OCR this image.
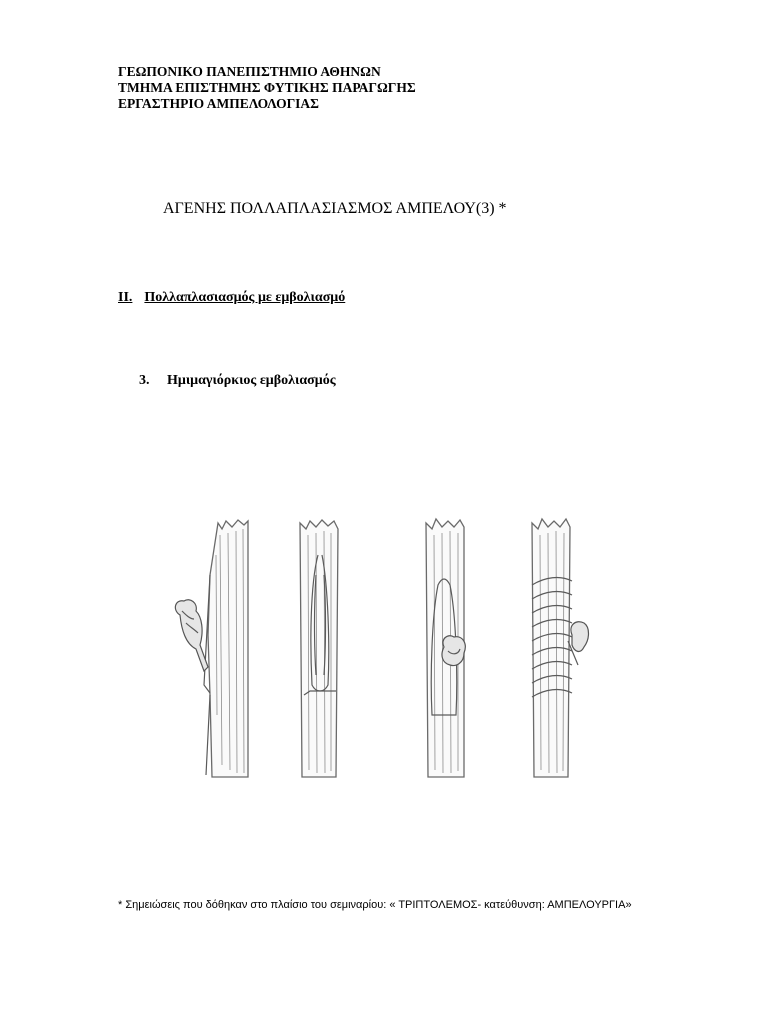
ΓΕΩΠΟΝΙΚΟ ΠΑΝΕΠΙΣΤΗΜΙΟ ΑΘΗΝΩΝ
ΤΜΗΜΑ ΕΠΙΣΤΗΜΗΣ ΦΥΤΙΚΗΣ ΠΑΡΑΓΩΓΗΣ
ΕΡΓΑΣΤΗΡΙΟ ΑΜΠΕΛΟΛΟΓΙΑΣ
ΑΓΕΝΗΣ ΠΟΛΛΑΠΛΑΣΙΑΣΜΟΣ ΑΜΠΕΛΟΥ(3) *
II. Πολλαπλασιασμός με εμβολιασμό
3. Ημιμαγιόρκιος εμβολιασμός
* Σημειώσεις που δόθηκαν στο πλαίσιο του σεμιναρίου: « ΤΡΙΠΤΟΛΕΜΟΣ- κατεύθυνση: ΑΜΠΕΛΟΥΡΓΙΑ»
